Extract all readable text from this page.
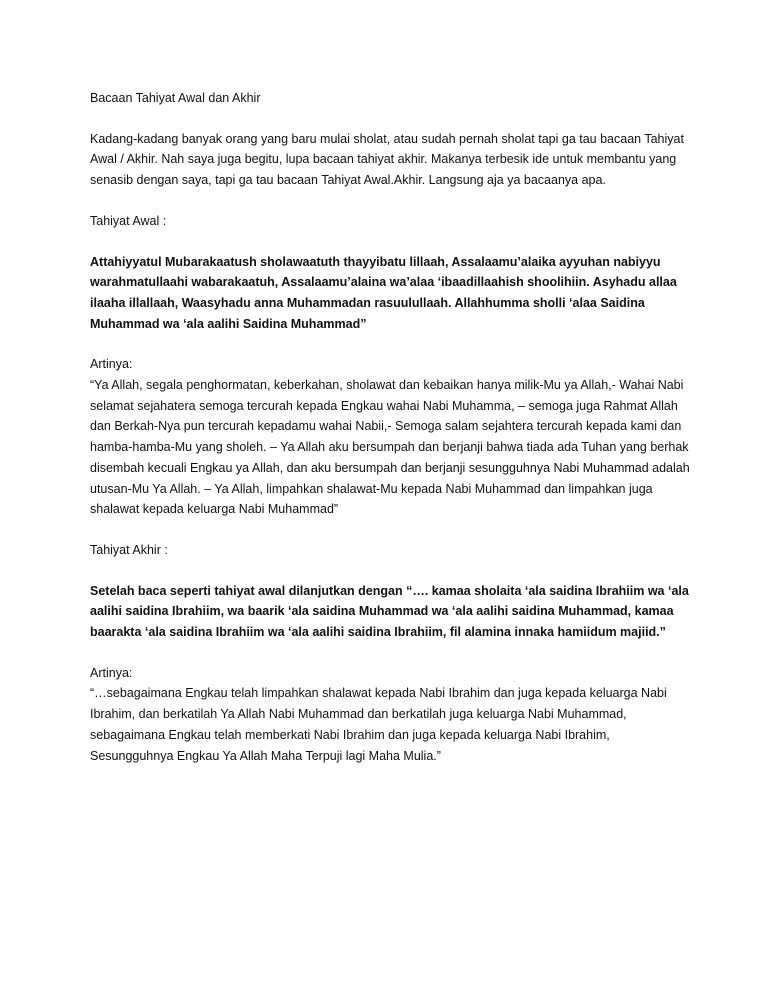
Bacaan Tahiyat Awal dan Akhir
Kadang-kadang banyak orang yang baru mulai sholat, atau sudah pernah sholat tapi ga tau bacaan Tahiyat Awal / Akhir. Nah saya juga begitu, lupa bacaan tahiyat akhir. Makanya terbesik ide untuk membantu yang senasib dengan saya, tapi ga tau bacaan Tahiyat Awal.Akhir. Langsung aja ya bacaanya apa.
Tahiyat Awal :
Attahiyyatul Mubarakaatush sholawaatuth thayyibatu lillaah, Assalaamu’alaika ayyuhan nabiyyu warahmatullaahi wabarakaatuh, Assalaamu’alaina wa’alaa ‘ibaadillaahish shoolihiin. Asyhadu allaa ilaaha illallaah, Waasyhadu anna Muhammadan rasuulullaah. Allahhumma sholli ‘alaa Saidina Muhammad wa ‘ala aalihi Saidina Muhammad”
Artinya:
“Ya Allah, segala penghormatan, keberkahan, sholawat dan kebaikan hanya milik-Mu ya Allah,- Wahai Nabi selamat sejahatera semoga tercurah kepada Engkau wahai Nabi Muhamma, – semoga juga Rahmat Allah dan Berkah-Nya pun tercurah kepadamu wahai Nabii,- Semoga salam sejahtera tercurah kepada kami dan hamba-hamba-Mu yang sholeh. – Ya Allah aku bersumpah dan berjanji bahwa tiada ada Tuhan yang berhak disembah kecuali Engkau ya Allah, dan aku bersumpah dan berjanji sesungguhnya Nabi Muhammad adalah utusan-Mu Ya Allah. – Ya Allah, limpahkan shalawat-Mu kepada Nabi Muhammad dan limpahkan juga shalawat kepada keluarga Nabi Muhammad”
Tahiyat Akhir :
Setelah baca seperti tahiyat awal dilanjutkan dengan “…. kamaa sholaita ‘ala saidina Ibrahiim wa ‘ala aalihi saidina Ibrahiim, wa baarik ‘ala saidina Muhammad wa ‘ala aalihi saidina Muhammad, kamaa baarakta ‘ala saidina Ibrahiim wa ‘ala aalihi saidina Ibrahiim, fil alamina innaka hamiidum majiid.”
Artinya:
“…sebagaimana Engkau telah limpahkan shalawat kepada Nabi Ibrahim dan juga kepada keluarga Nabi Ibrahim, dan berkatilah Ya Allah Nabi Muhammad dan berkatilah juga keluarga Nabi Muhammad, sebagaimana Engkau telah memberkati Nabi Ibrahim dan juga kepada keluarga Nabi Ibrahim, Sesungguhnya Engkau Ya Allah Maha Terpuji lagi Maha Mulia.”
